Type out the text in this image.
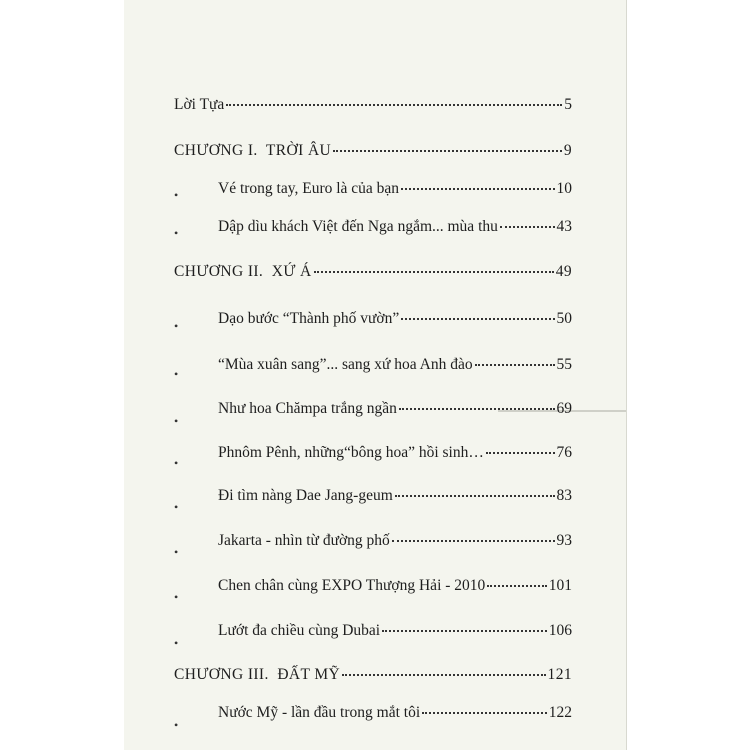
Lời Tựa	5
CHƯƠNG I.  TRỜI ÂU	9
•	Vé trong tay, Euro là của bạn	10
•	Dập dìu khách Việt đến Nga ngắm... mùa thu	43
CHƯƠNG II.  XỨ Á	49
•	Dạo bước “Thành phố vườn”	50
•
“Mùa xuân sang”... sang xứ hoa Anh đào	55
•
Như hoa Chămpa trắng ngần	69
•
Phnôm Pênh, những“bông hoa” hồi sinh…	76
•
Đi tìm nàng Dae Jang-geum	83
•
Jakarta - nhìn từ đường phố	93
•
Chen chân cùng EXPO Thượng Hải - 2010	101
•
Lướt đa chiều cùng Dubai	106
CHƯƠNG III.  ĐẤT MỸ	121
•
Nước Mỹ - lần đầu trong mắt tôi	122
